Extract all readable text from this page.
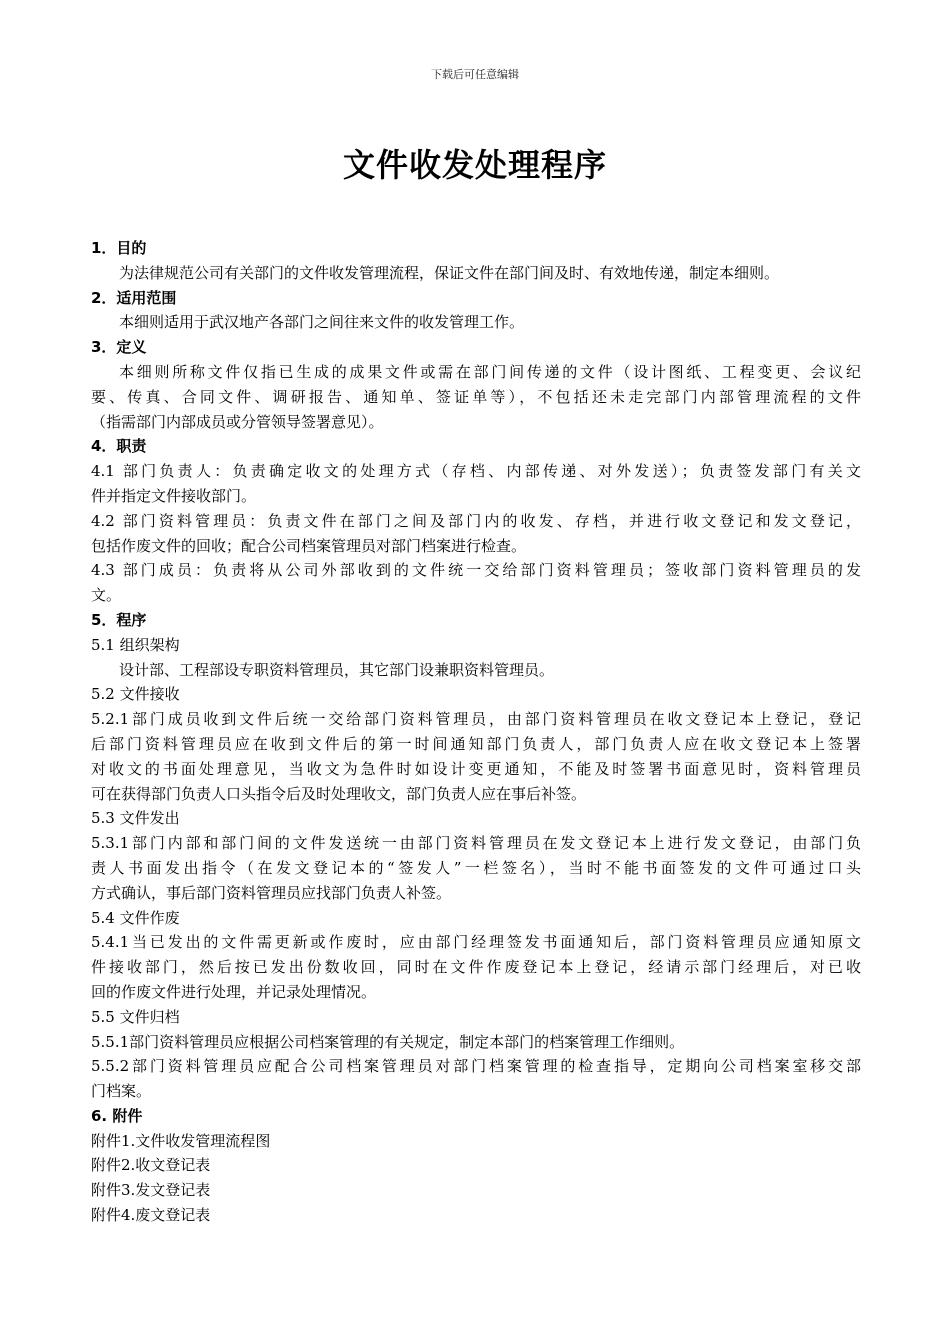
下载后可任意编辑
文件收发处理程序

1．目的

为法律规范公司有关部门的文件收发管理流程，保证文件在部门间及时、有效地传递，制定本细则。

2．适用范围

本细则适用于武汉地产各部门之间往来文件的收发管理工作。

3．定义

本细则所称文件仅指已生成的成果文件或需在部门间传递的文件（设计图纸、工程变更、会议纪

要、传真、合同文件、调研报告、通知单、签证单等），不包括还未走完部门内部管理流程的文件

（指需部门内部成员或分管领导签署意见）。

4．职责

4.1 部门负责人：负责确定收文的处理方式（存档、内部传递、对外发送）；负责签发部门有关文

件并指定文件接收部门。

4.2 部门资料管理员：负责文件在部门之间及部门内的收发、存档，并进行收文登记和发文登记，

包括作废文件的回收；配合公司档案管理员对部门档案进行检查。

4.3 部门成员：负责将从公司外部收到的文件统一交给部门资料管理员；签收部门资料管理员的发

文。

5．程序

5.1 组织架构

设计部、工程部设专职资料管理员，其它部门设兼职资料管理员。

5.2 文件接收

5.2.1部门成员收到文件后统一交给部门资料管理员，由部门资料管理员在收文登记本上登记，登记

后部门资料管理员应在收到文件后的第一时间通知部门负责人，部门负责人应在收文登记本上签署

对收文的书面处理意见，当收文为急件时如设计变更通知，不能及时签署书面意见时，资料管理员

可在获得部门负责人口头指令后及时处理收文，部门负责人应在事后补签。

5.3 文件发出

5.3.1部门内部和部门间的文件发送统一由部门资料管理员在发文登记本上进行发文登记，由部门负

责人书面发出指令（在发文登记本的“签发人”一栏签名），当时不能书面签发的文件可通过口头

方式确认，事后部门资料管理员应找部门负责人补签。

5.4 文件作废

5.4.1当已发出的文件需更新或作废时，应由部门经理签发书面通知后，部门资料管理员应通知原文

件接收部门，然后按已发出份数收回，同时在文件作废登记本上登记，经请示部门经理后，对已收

回的作废文件进行处理，并记录处理情况。

5.5 文件归档

5.5.1部门资料管理员应根据公司档案管理的有关规定，制定本部门的档案管理工作细则。

5.5.2部门资料管理员应配合公司档案管理员对部门档案管理的检查指导，定期向公司档案室移交部

门档案。

6. 附件

附件1.文件收发管理流程图

附件2.收文登记表

附件3.发文登记表

附件4.废文登记表
